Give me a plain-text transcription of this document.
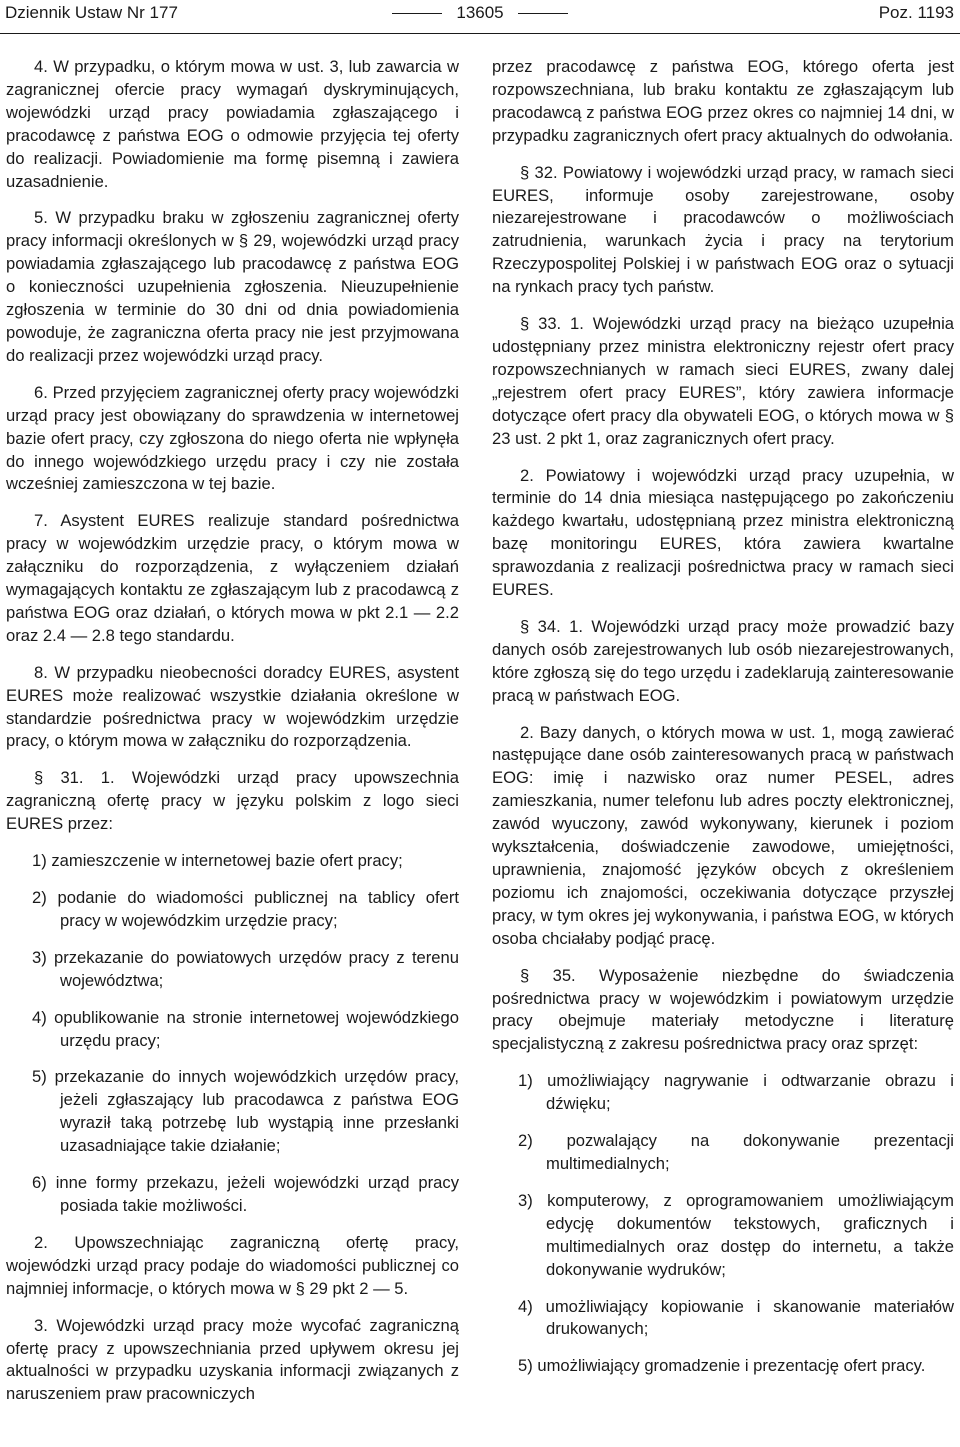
Dziennik Ustaw Nr 177	13605	Poz. 1193

4. W przypadku, o którym mowa w ust. 3, lub zawarcia w zagranicznej ofercie pracy wymagań dyskryminujących, wojewódzki urząd pracy powiadamia zgłaszającego i pracodawcę z państwa EOG o odmowie przyjęcia tej oferty do realizacji. Powiadomienie ma formę pisemną i zawiera uzasadnienie.

5. W przypadku braku w zgłoszeniu zagranicznej oferty pracy informacji określonych w § 29, wojewódzki urząd pracy powiadamia zgłaszającego lub pracodawcę z państwa EOG o konieczności uzupełnienia zgłoszenia. Nieuzupełnienie zgłoszenia w terminie do 30 dni od dnia powiadomienia powoduje, że zagraniczna oferta pracy nie jest przyjmowana do realizacji przez wojewódzki urząd pracy.

6. Przed przyjęciem zagranicznej oferty pracy wojewódzki urząd pracy jest obowiązany do sprawdzenia w internetowej bazie ofert pracy, czy zgłoszona do niego oferta nie wpłynęła do innego wojewódzkiego urzędu pracy i czy nie została wcześniej zamieszczona w tej bazie.

7. Asystent EURES realizuje standard pośrednictwa pracy w wojewódzkim urzędzie pracy, o którym mowa w załączniku do rozporządzenia, z wyłączeniem działań wymagających kontaktu ze zgłaszającym lub z pracodawcą z państwa EOG oraz działań, o których mowa w pkt 2.1 — 2.2 oraz 2.4 — 2.8 tego standardu.

8. W przypadku nieobecności doradcy EURES, asystent EURES może realizować wszystkie działania określone w standardzie pośrednictwa pracy w wojewódzkim urzędzie pracy, o którym mowa w załączniku do rozporządzenia.

§ 31. 1. Wojewódzki urząd pracy upowszechnia zagraniczną ofertę pracy w języku polskim z logo sieci EURES przez:

1) zamieszczenie w internetowej bazie ofert pracy;

2) podanie do wiadomości publicznej na tablicy ofert pracy w wojewódzkim urzędzie pracy;

3) przekazanie do powiatowych urzędów pracy z terenu województwa;

4) opublikowanie na stronie internetowej wojewódzkiego urzędu pracy;

5) przekazanie do innych wojewódzkich urzędów pracy, jeżeli zgłaszający lub pracodawca z państwa EOG wyraził taką potrzebę lub wystąpią inne przesłanki uzasadniające takie działanie;

6) inne formy przekazu, jeżeli wojewódzki urząd pracy posiada takie możliwości.

2. Upowszechniając zagraniczną ofertę pracy, wojewódzki urząd pracy podaje do wiadomości publicznej co najmniej informacje, o których mowa w § 29 pkt 2 — 5.

3. Wojewódzki urząd pracy może wycofać zagraniczną ofertę pracy z upowszechniania przed upływem okresu jej aktualności w przypadku uzyskania informacji związanych z naruszeniem praw pracowniczych

przez pracodawcę z państwa EOG, którego oferta jest rozpowszechniana, lub braku kontaktu ze zgłaszającym lub pracodawcą z państwa EOG przez okres co najmniej 14 dni, w przypadku zagranicznych ofert pracy aktualnych do odwołania.

§ 32. Powiatowy i wojewódzki urząd pracy, w ramach sieci EURES, informuje osoby zarejestrowane, osoby niezarejestrowane i pracodawców o możliwościach zatrudnienia, warunkach życia i pracy na terytorium Rzeczypospolitej Polskiej i w państwach EOG oraz o sytuacji na rynkach pracy tych państw.

§ 33. 1. Wojewódzki urząd pracy na bieżąco uzupełnia udostępniany przez ministra elektroniczny rejestr ofert pracy rozpowszechnianych w ramach sieci EURES, zwany dalej „rejestrem ofert pracy EURES”, który zawiera informacje dotyczące ofert pracy dla obywateli EOG, o których mowa w § 23 ust. 2 pkt 1, oraz zagranicznych ofert pracy.

2. Powiatowy i wojewódzki urząd pracy uzupełnia, w terminie do 14 dnia miesiąca następującego po zakończeniu każdego kwartału, udostępnianą przez ministra elektroniczną bazę monitoringu EURES, która zawiera kwartalne sprawozdania z realizacji pośrednictwa pracy w ramach sieci EURES.

§ 34. 1. Wojewódzki urząd pracy może prowadzić bazy danych osób zarejestrowanych lub osób niezarejestrowanych, które zgłoszą się do tego urzędu i zadeklarują zainteresowanie pracą w państwach EOG.

2. Bazy danych, o których mowa w ust. 1, mogą zawierać następujące dane osób zainteresowanych pracą w państwach EOG: imię i nazwisko oraz numer PESEL, adres zamieszkania, numer telefonu lub adres poczty elektronicznej, zawód wyuczony, zawód wykonywany, kierunek i poziom wykształcenia, doświadczenie zawodowe, umiejętności, uprawnienia, znajomość języków obcych z określeniem poziomu ich znajomości, oczekiwania dotyczące przyszłej pracy, w tym okres jej wykonywania, i państwa EOG, w których osoba chciałaby podjąć pracę.

§ 35. Wyposażenie niezbędne do świadczenia pośrednictwa pracy w wojewódzkim i powiatowym urzędzie pracy obejmuje materiały metodyczne i literaturę specjalistyczną z zakresu pośrednictwa pracy oraz sprzęt:

1) umożliwiający nagrywanie i odtwarzanie obrazu i dźwięku;

2) pozwalający na dokonywanie prezentacji multimedialnych;

3) komputerowy, z oprogramowaniem umożliwiającym edycję dokumentów tekstowych, graficznych i multimedialnych oraz dostęp do internetu, a także dokonywanie wydruków;

4) umożliwiający kopiowanie i skanowanie materiałów drukowanych;

5) umożliwiający gromadzenie i prezentację ofert pracy.
